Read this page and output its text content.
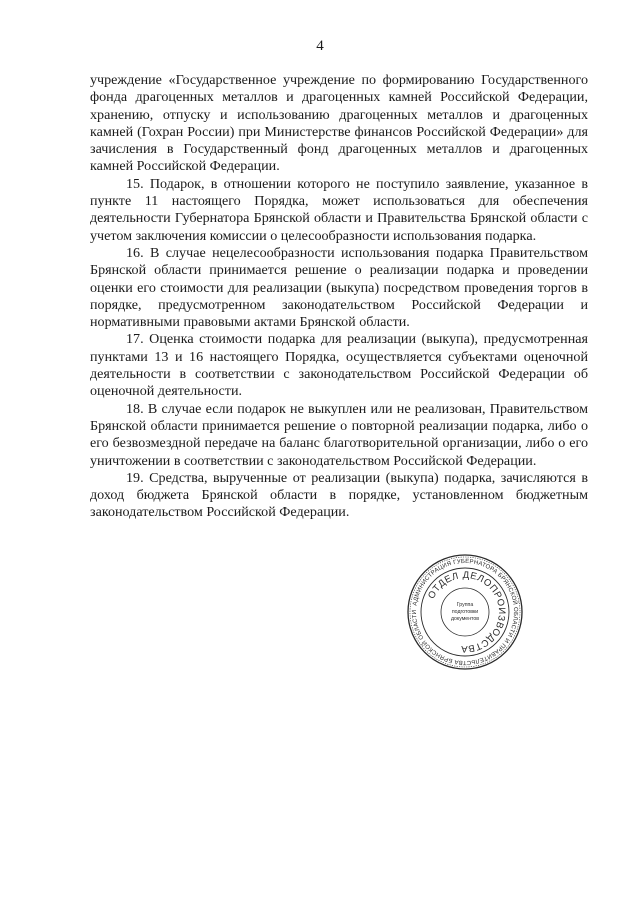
4

учреждение «Государственное учреждение по формированию Государственного фонда драгоценных металлов и драгоценных камней Российской Федерации, хранению, отпуску и использованию драгоценных металлов и драгоценных камней (Гохран России) при Министерстве финансов Российской Федерации» для зачисления в Государственный фонд драгоценных металлов и драгоценных камней Российской Федерации.

15. Подарок, в отношении которого не поступило заявление, указанное в пункте 11 настоящего Порядка, может использоваться для обеспечения деятельности Губернатора Брянской области и Правительства Брянской области с учетом заключения комиссии о целесообразности использования подарка.

16. В случае нецелесообразности использования подарка Правительством Брянской области принимается решение о реализации подарка и проведении оценки его стоимости для реализации (выкупа) посредством проведения торгов в порядке, предусмотренном законодательством Российской Федерации и нормативными правовыми актами Брянской области.

17. Оценка стоимости подарка для реализации (выкупа), предусмотренная пунктами 13 и 16 настоящего Порядка, осуществляется субъектами оценочной деятельности в соответствии с законодательством Российской Федерации об оценочной деятельности.

18. В случае если подарок не выкуплен или не реализован, Правительством Брянской области принимается решение о повторной реализации подарка, либо о его безвозмездной передаче на баланс благотворительной организации, либо о его уничтожении в соответствии с законодательством Российской Федерации.

19. Средства, вырученные от реализации (выкупа) подарка, зачисляются в доход бюджета Брянской области в порядке, установленном бюджетным законодательством Российской Федерации.

АДМИНИСТРАЦИЯ ГУБЕРНАТОРА БРЯНСКОЙ ОБЛАСТИ И ПРАВИТЕЛЬСТВА БРЯНСКОЙ ОБЛАСТИ
ОТДЕЛ ДЕЛОПРОИЗВОДСТВА
Группа
подготовки
документов
